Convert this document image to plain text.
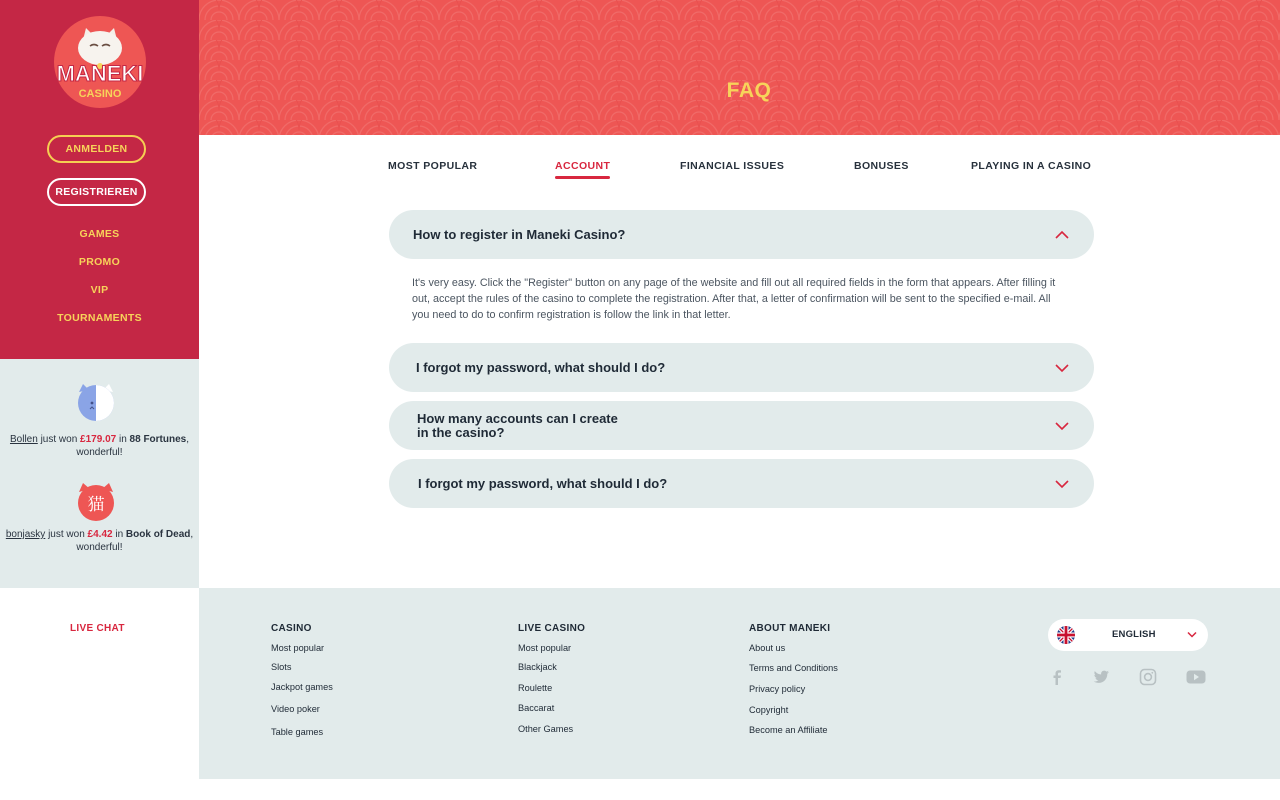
MANEKI
CASINO
ANMELDEN
REGISTRIEREN
GAMES
PROMO
VIP
TOURNAMENTS
Bollen just won £179.07 in 88 Fortunes, wonderful!
猫
bonjasky just won £4.42 in Book of Dead, wonderful!
FAQ
MOST POPULAR	ACCOUNT	FINANCIAL ISSUES	BONUSES	PLAYING IN A CASINO
How to register in Maneki Casino?
It's very easy. Click the "Register" button on any page of the website and fill out all required fields in the form that appears. After filling it out, accept the rules of the casino to complete the registration. After that, a letter of confirmation will be sent to the specified e-mail. All you need to do to confirm registration is follow the link in that letter.
I forgot my password, what should I do?
How many accounts can I create
in the casino?
I forgot my password, what should I do?
LIVE CHAT	CASINO
Most popular
Slots
Jackpot games
Video poker
Table games
LIVE CASINO
Most popular
Blackjack
Roulette
Baccarat
Other Games
ABOUT MANEKI
About us
Terms and Conditions
Privacy policy
Copyright
Become an Affiliate
ENGLISH
